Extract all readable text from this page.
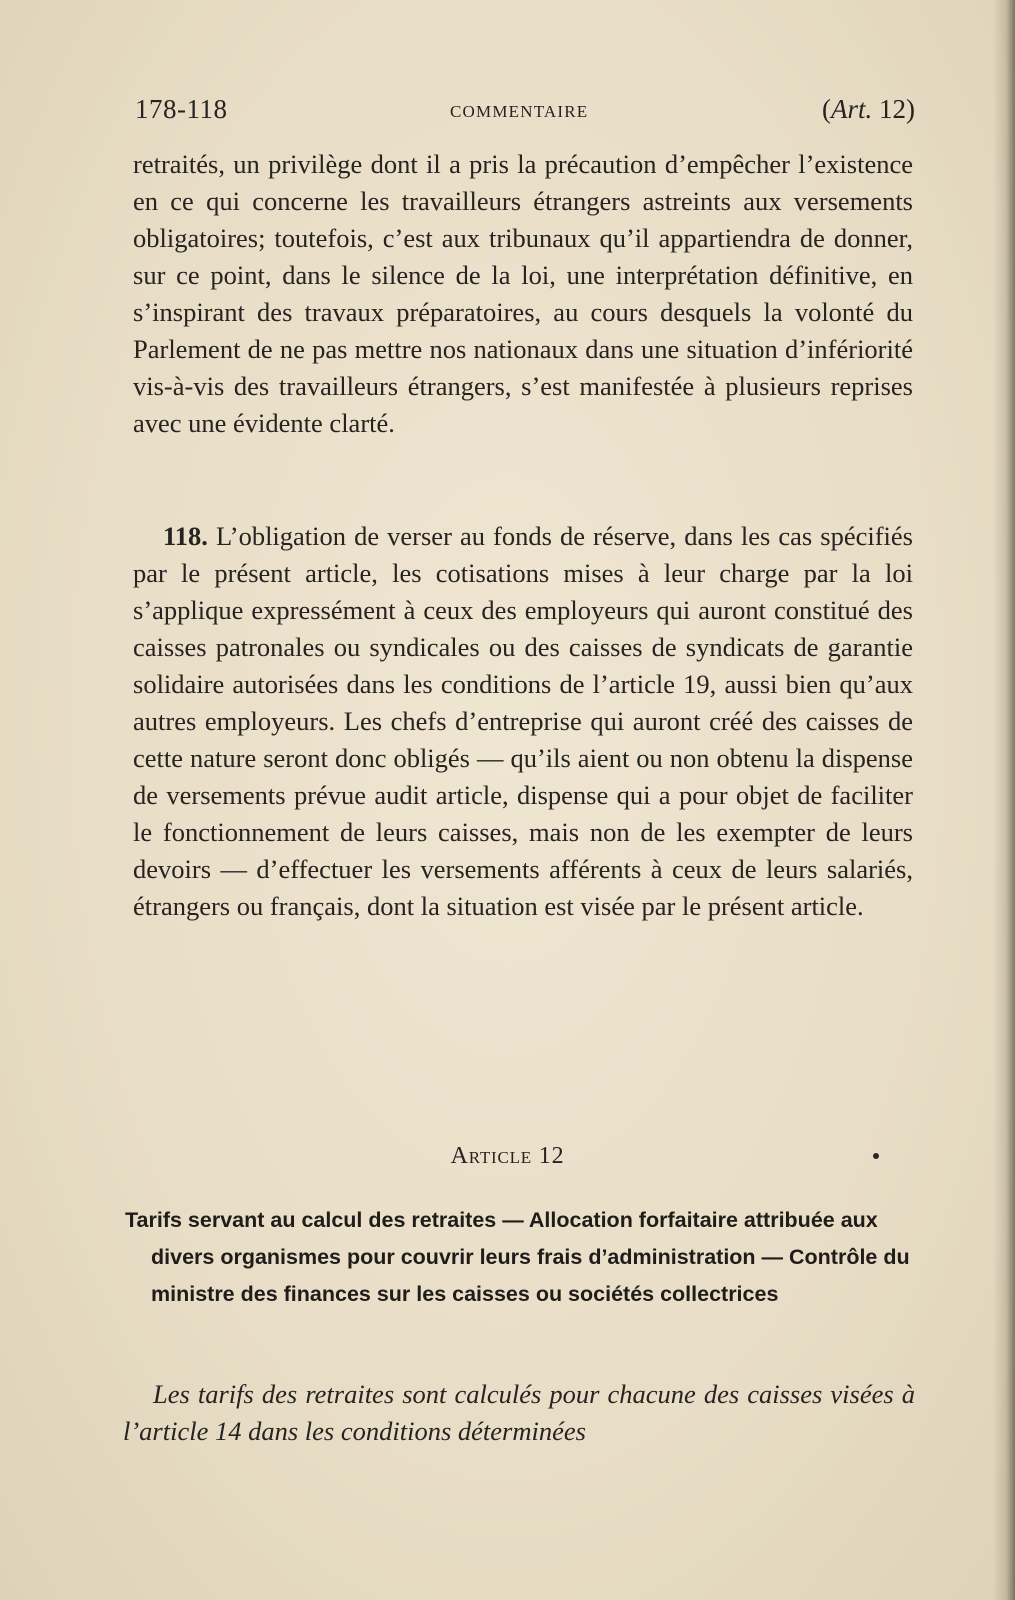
178-118	COMMENTAIRE	(Art. 12)

retraités, un privilège dont il a pris la précaution d’empêcher l’existence en ce qui concerne les travailleurs étrangers astreints aux versements obligatoires; toutefois, c’est aux tribunaux qu’il appartiendra de donner, sur ce point, dans le silence de la loi, une interprétation définitive, en s’inspirant des travaux préparatoires, au cours desquels la volonté du Parlement de ne pas mettre nos nationaux dans une situation d’infériorité vis-à-vis des travailleurs étrangers, s’est manifestée à plusieurs reprises avec une évidente clarté.

118. L’obligation de verser au fonds de réserve, dans les cas spécifiés par le présent article, les cotisations mises à leur charge par la loi s’applique expressément à ceux des employeurs qui auront constitué des caisses patronales ou syndicales ou des caisses de syndicats de garantie solidaire autorisées dans les conditions de l’article 19, aussi bien qu’aux autres employeurs. Les chefs d’entreprise qui auront créé des caisses de cette nature seront donc obligés — qu’ils aient ou non obtenu la dispense de versements prévue audit article, dispense qui a pour objet de faciliter le fonctionnement de leurs caisses, mais non de les exempter de leurs devoirs — d’effectuer les versements afférents à ceux de leurs salariés, étrangers ou français, dont la situation est visée par le présent article.

Article 12
Tarifs servant au calcul des retraites — Allocation forfaitaire attribuée aux divers organismes pour couvrir leurs frais d’administration — Contrôle du ministre des finances sur les caisses ou sociétés collectrices

Les tarifs des retraites sont calculés pour chacune des caisses visées à l’article 14 dans les conditions déterminées
